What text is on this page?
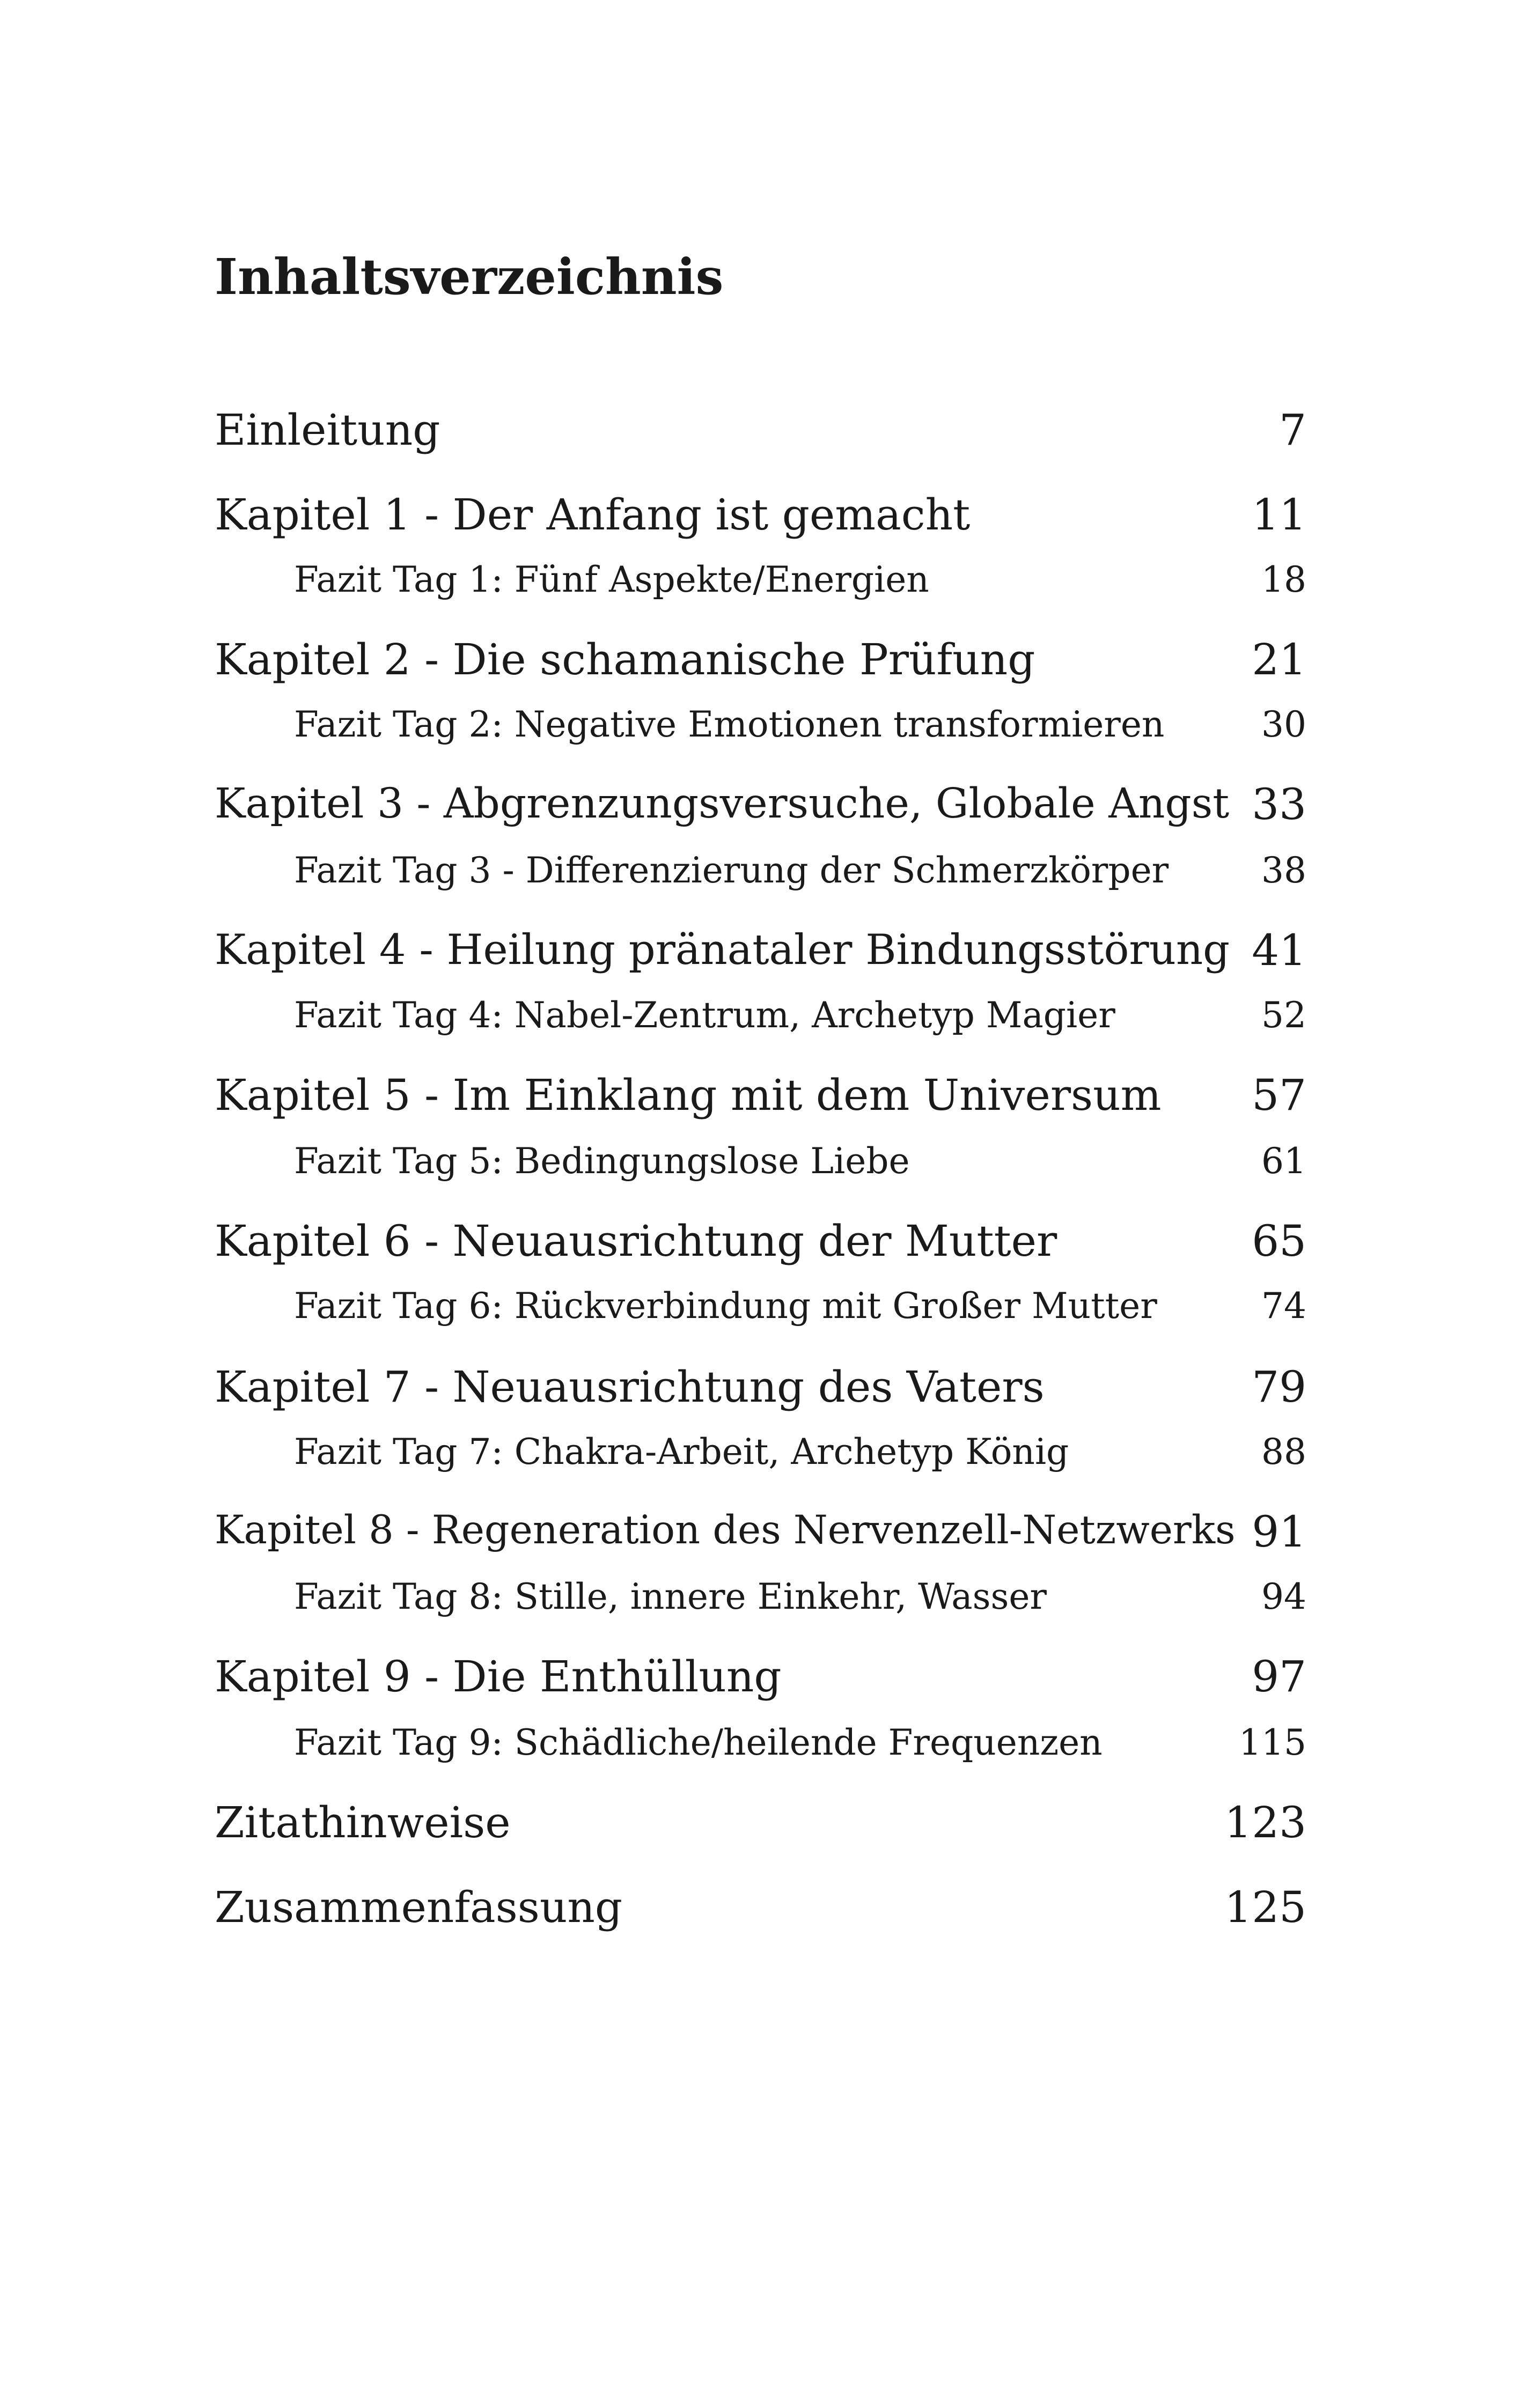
Inhaltsverzeichnis
Einleitung	7
Kapitel 1 - Der Anfang ist gemacht	11
Fazit Tag 1: Fünf Aspekte/Energien	18
Kapitel 2 - Die schamanische Prüfung	21
Fazit Tag 2: Negative Emotionen transformieren	30
Kapitel 3 - Abgrenzungsversuche, Globale Angst 33
Fazit Tag 3 - Differenzierung der Schmerzkörper	38
Kapitel 4 - Heilung pränataler Bindungsstörung 41
Fazit Tag 4: Nabel-Zentrum, Archetyp Magier	52
Kapitel 5 - Im Einklang mit dem Universum 57
Fazit Tag 5: Bedingungslose Liebe	61
Kapitel 6 - Neuausrichtung der Mutter	65
Fazit Tag 6: Rückverbindung mit Großer Mutter	74
Kapitel 7 - Neuausrichtung des Vaters	79
Fazit Tag 7: Chakra-Arbeit, Archetyp König	88
Kapitel 8 - Regeneration des Nervenzell-Netzwerks 91
Fazit Tag 8: Stille, innere Einkehr, Wasser	94
Kapitel 9 - Die Enthüllung	97
Fazit Tag 9: Schädliche/heilende Frequenzen	115
Zitathinweise	123
Zusammenfassung	125
